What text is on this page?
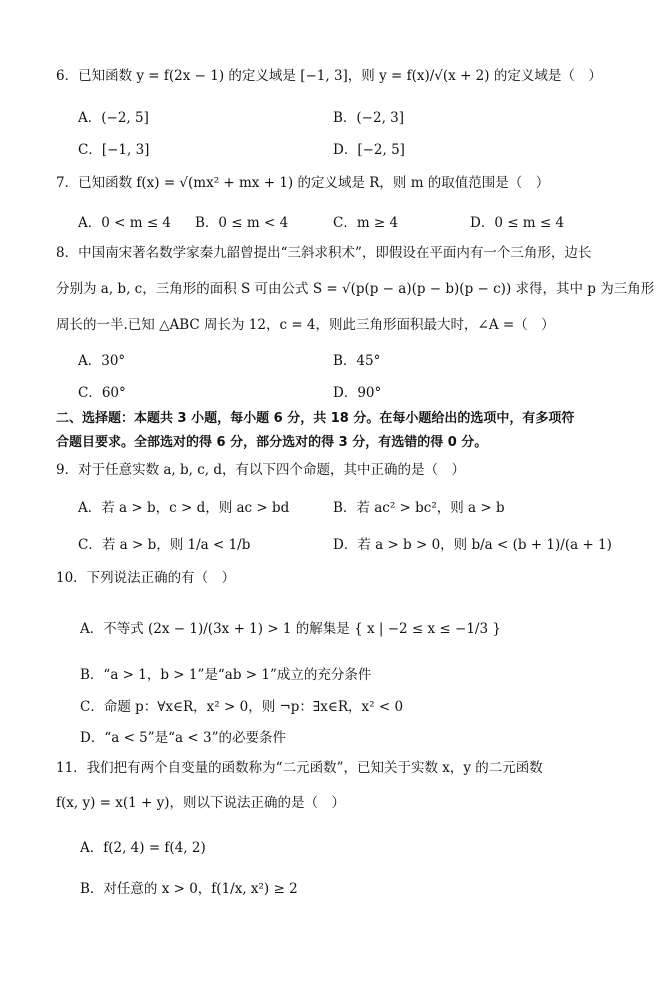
6．已知函数 y = f(2x − 1) 的定义域是 [−1, 3]，则 y = f(x)/√(x + 2) 的定义域是（　）
A．(−2, 5]	B．(−2, 3]
C．[−1, 3]	D．[−2, 5]
7．已知函数 f(x) = √(mx² + mx + 1) 的定义域是 R，则 m 的取值范围是（　）
A．0 < m ≤ 4 B．0 ≤ m < 4	C．m ≥ 4	D．0 ≤ m ≤ 4
8．中国南宋著名数学家秦九韶曾提出“三斜求积术”，即假设在平面内有一个三角形，边长
分别为 a, b, c，三角形的面积 S 可由公式 S = √(p(p − a)(p − b)(p − c)) 求得，其中 p 为三角形
周长的一半.已知 △ABC 周长为 12，c = 4，则此三角形面积最大时，∠A =（　）
A．30°	B．45°
C．60°	D．90°
二、选择题：本题共 3 小题，每小题 6 分，共 18 分。在每小题给出的选项中，有多项符
合题目要求。全部选对的得 6 分，部分选对的得 3 分，有选错的得 0 分。
9．对于任意实数 a, b, c, d，有以下四个命题，其中正确的是（　）
A．若 a > b，c > d，则 ac > bd	B．若 ac² > bc²，则 a > b
C．若 a > b，则 1/a < 1/b	D．若 a > b > 0，则 b/a < (b + 1)/(a + 1)
10．下列说法正确的有（　）
A．不等式 (2x − 1)/(3x + 1) > 1 的解集是 { x | −2 ≤ x ≤ −1/3 }
B．“a > 1，b > 1”是“ab > 1”成立的充分条件
C．命题 p：∀x∈R，x² > 0，则 ¬p：∃x∈R，x² < 0
D．“a < 5”是“a < 3”的必要条件
11．我们把有两个自变量的函数称为“二元函数”，已知关于实数 x，y 的二元函数
f(x, y) = x(1 + y)，则以下说法正确的是（　）
A．f(2, 4) = f(4, 2)
B．对任意的 x > 0，f(1/x, x²) ≥ 2
